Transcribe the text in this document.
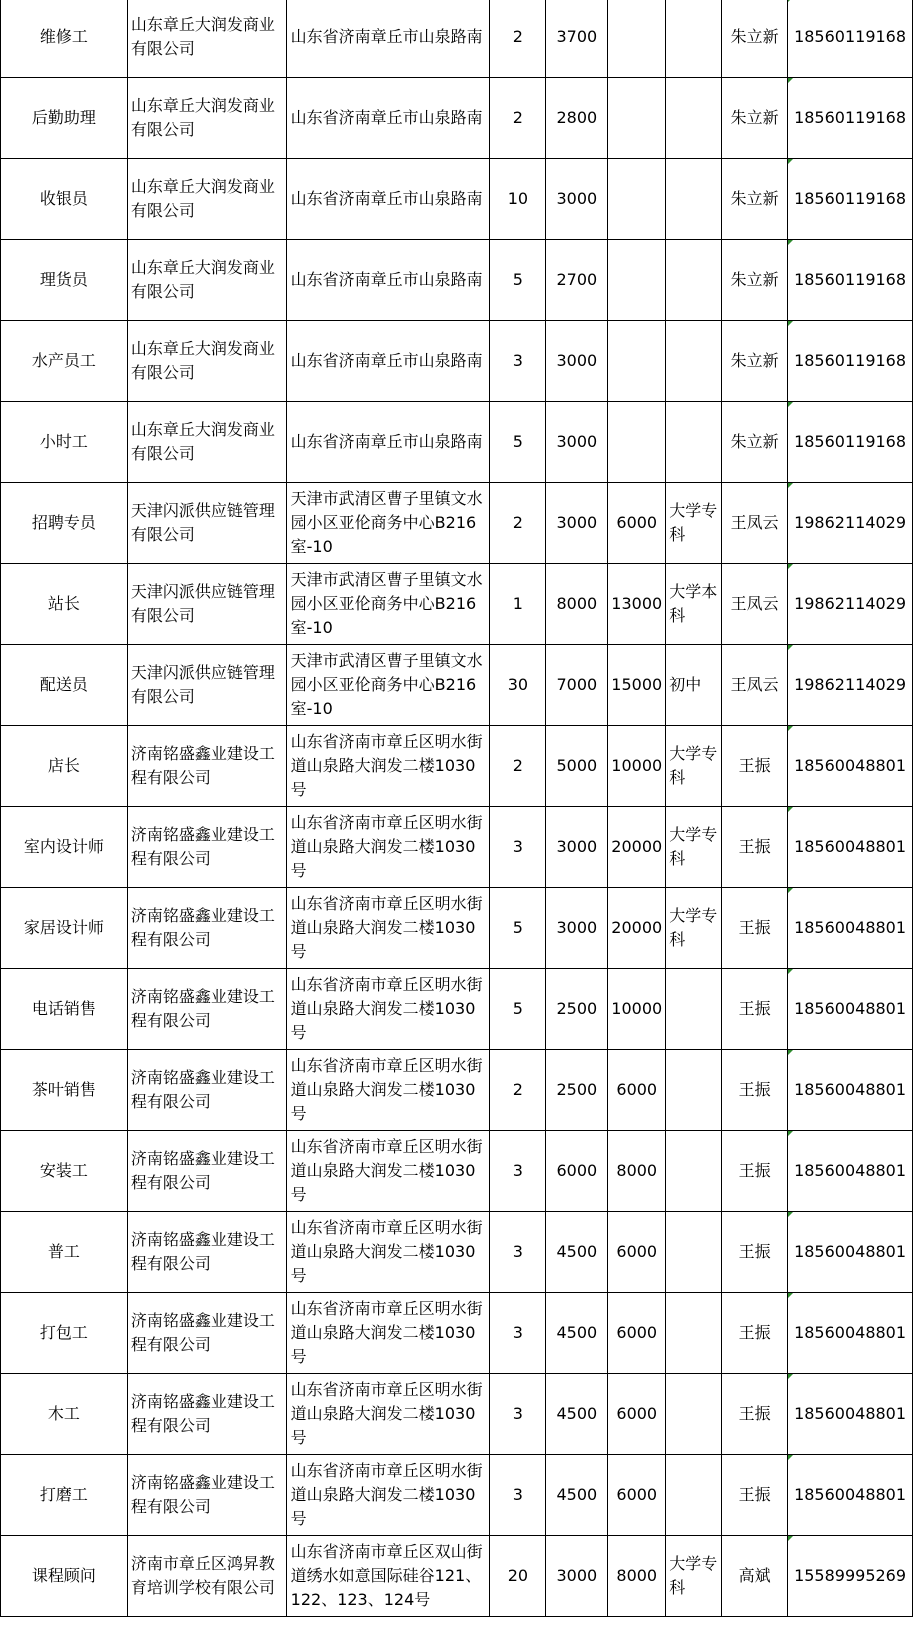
维修工	山东章丘大润发商业有限公司	山东省济南章丘市山泉路南	2	3700			朱立新	18560119168

后勤助理	山东章丘大润发商业有限公司	山东省济南章丘市山泉路南	2	2800			朱立新	18560119168

收银员	山东章丘大润发商业有限公司	山东省济南章丘市山泉路南	10	3000			朱立新	18560119168

理货员	山东章丘大润发商业有限公司	山东省济南章丘市山泉路南	5	2700			朱立新	18560119168

水产员工	山东章丘大润发商业有限公司	山东省济南章丘市山泉路南	3	3000			朱立新	18560119168

小时工	山东章丘大润发商业有限公司	山东省济南章丘市山泉路南	5	3000			朱立新	18560119168

招聘专员	天津闪派供应链管理有限公司	天津市武清区曹子里镇文水园小区亚伦商务中心B216室-10	2	3000	6000	大学专科	王凤云	19862114029

站长	天津闪派供应链管理有限公司	天津市武清区曹子里镇文水园小区亚伦商务中心B216室-10	1	8000	13000	大学本科	王凤云	19862114029

配送员	天津闪派供应链管理有限公司	天津市武清区曹子里镇文水园小区亚伦商务中心B216室-10	30	7000	15000	初中	王凤云	19862114029

店长	济南铭盛鑫业建设工程有限公司	山东省济南市章丘区明水街道山泉路大润发二楼1030号	2	5000	10000	大学专科	王振	18560048801

室内设计师	济南铭盛鑫业建设工程有限公司	山东省济南市章丘区明水街道山泉路大润发二楼1030号	3	3000	20000	大学专科	王振	18560048801

家居设计师	济南铭盛鑫业建设工程有限公司	山东省济南市章丘区明水街道山泉路大润发二楼1030号	5	3000	20000	大学专科	王振	18560048801

电话销售	济南铭盛鑫业建设工程有限公司	山东省济南市章丘区明水街道山泉路大润发二楼1030号	5	2500	10000		王振	18560048801

茶叶销售	济南铭盛鑫业建设工程有限公司	山东省济南市章丘区明水街道山泉路大润发二楼1030号	2	2500	6000		王振	18560048801

安装工	济南铭盛鑫业建设工程有限公司	山东省济南市章丘区明水街道山泉路大润发二楼1030号	3	6000	8000		王振	18560048801

普工	济南铭盛鑫业建设工程有限公司	山东省济南市章丘区明水街道山泉路大润发二楼1030号	3	4500	6000		王振	18560048801

打包工	济南铭盛鑫业建设工程有限公司	山东省济南市章丘区明水街道山泉路大润发二楼1030号	3	4500	6000		王振	18560048801

木工	济南铭盛鑫业建设工程有限公司	山东省济南市章丘区明水街道山泉路大润发二楼1030号	3	4500	6000		王振	18560048801

打磨工	济南铭盛鑫业建设工程有限公司	山东省济南市章丘区明水街道山泉路大润发二楼1030号	3	4500	6000		王振	18560048801

课程顾问	济南市章丘区鸿昇教育培训学校有限公司	山东省济南市章丘区双山街道绣水如意国际硅谷121、122、123、124号	20	3000	8000	大学专科	高斌	15589995269
